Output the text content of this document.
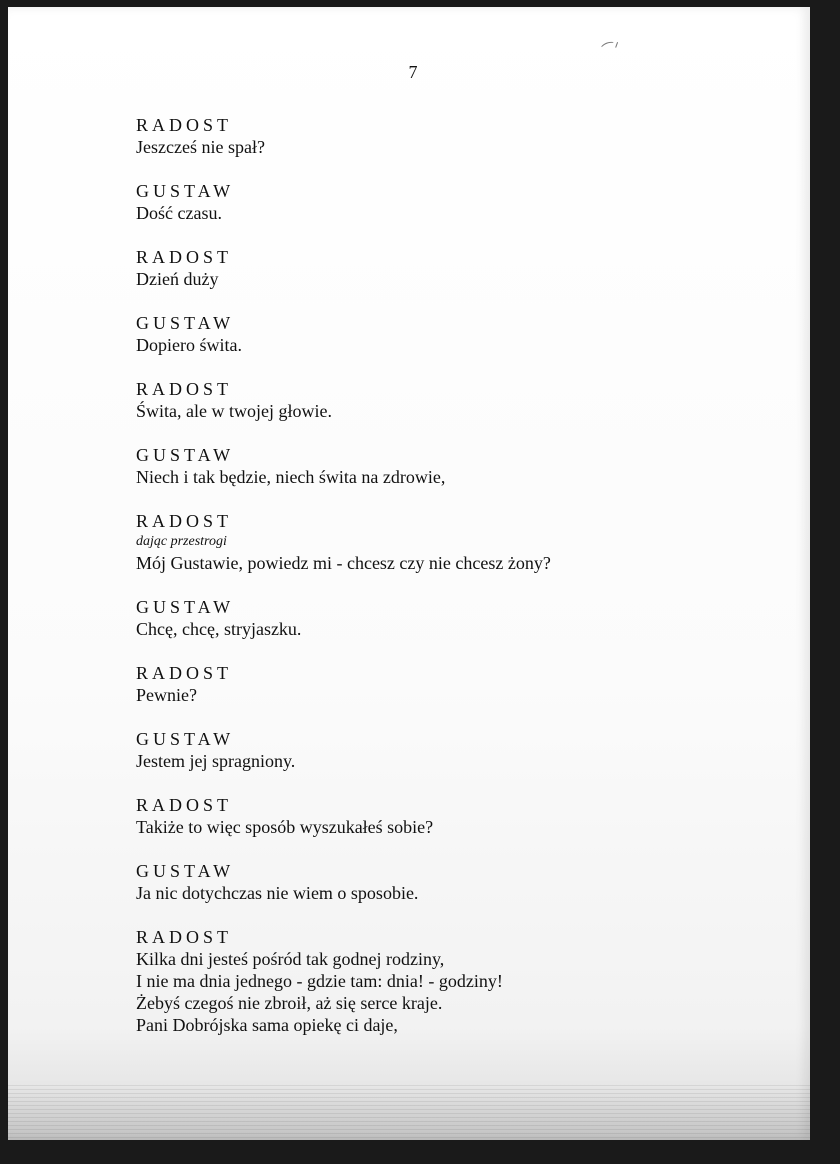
⁀ᐟ
7
RADOST
Jeszcześ nie spał?
GUSTAW
Dość czasu.
RADOST
Dzień duży
GUSTAW
Dopiero świta.
RADOST
Świta, ale w twojej głowie.
GUSTAW
Niech i tak będzie, niech świta na zdrowie,
RADOST
dając przestrogi
Mój Gustawie, powiedz mi - chcesz czy nie chcesz żony?
GUSTAW
Chcę, chcę, stryjaszku.
RADOST
Pewnie?
GUSTAW
Jestem jej spragniony.
RADOST
Takiże to więc sposób wyszukałeś sobie?
GUSTAW
Ja nic dotychczas nie wiem o sposobie.
RADOST
Kilka dni jesteś pośród tak godnej rodziny,
I nie ma dnia jednego - gdzie tam: dnia! - godziny!
Żebyś czegoś nie zbroił, aż się serce kraje.
Pani Dobrójska sama opiekę ci daje,
